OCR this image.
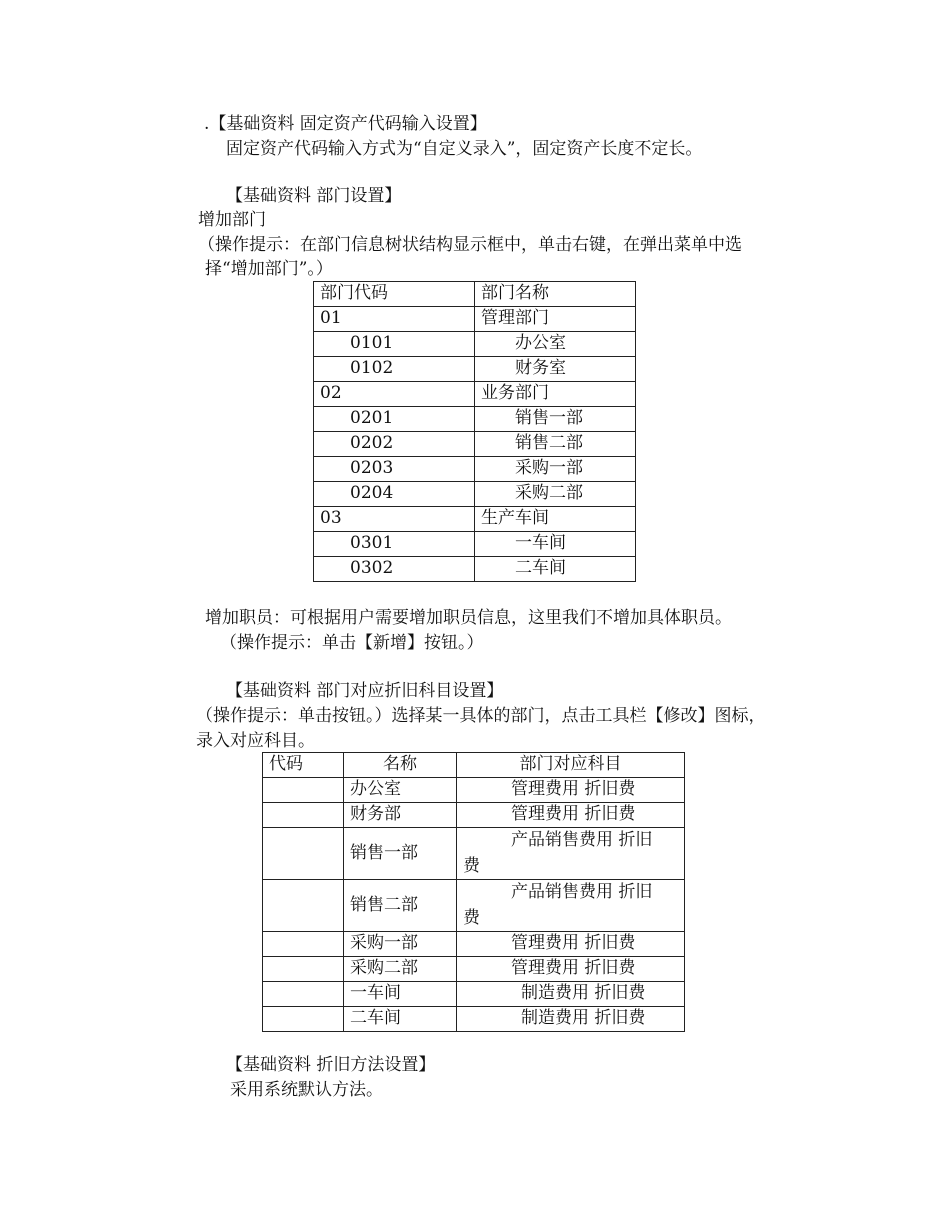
.【基础资料 固定资产代码输入设置】
固定资产代码输入方式为“自定义录入”，固定资产长度不定长。
【基础资料 部门设置】
增加部门
（操作提示：在部门信息树状结构显示框中，单击右键，在弹出菜单中选
择“增加部门”。）
部门代码	部门名称
01	管理部门
0101	办公室
0102	财务室
02	业务部门
0201	销售一部
0202	销售二部
0203	采购一部
0204	采购二部
03	生产车间
0301	一车间
0302	二车间
增加职员：可根据用户需要增加职员信息，这里我们不增加具体职员。
（操作提示：单击【新增】按钮。）
【基础资料 部门对应折旧科目设置】
（操作提示：单击按钮。）选择某一具体的部门，点击工具栏【修改】图标，
录入对应科目。
代码	名称	部门对应科目
	办公室	管理费用 折旧费
	财务部	管理费用 折旧费
	销售一部	产品销售费用 折旧
费
	销售二部	产品销售费用 折旧
费
	采购一部	管理费用 折旧费
	采购二部	管理费用 折旧费
	一车间	制造费用 折旧费
	二车间	制造费用 折旧费
【基础资料 折旧方法设置】
采用系统默认方法。
